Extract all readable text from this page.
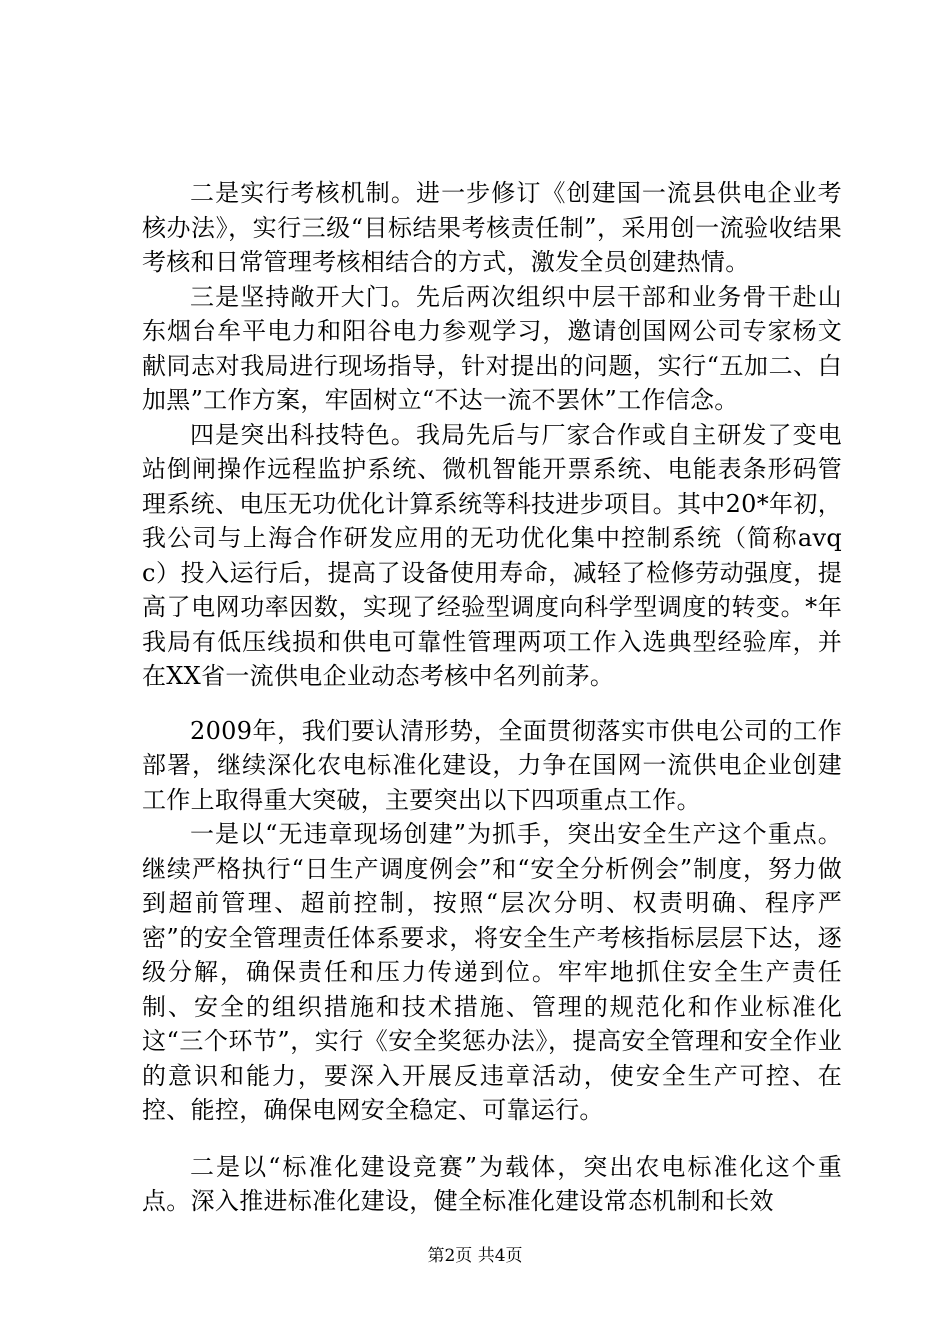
二是实行考核机制。进一步修订《创建国一流县供电企业考核办法》，实行三级“目标结果考核责任制”，采用创一流验收结果考核和日常管理考核相结合的方式，激发全员创建热情。

三是坚持敞开大门。先后两次组织中层干部和业务骨干赴山东烟台牟平电力和阳谷电力参观学习，邀请创国网公司专家杨文献同志对我局进行现场指导，针对提出的问题，实行“五加二、白加黑”工作方案，牢固树立“不达一流不罢休”工作信念。

四是突出科技特色。我局先后与厂家合作或自主研发了变电站倒闸操作远程监护系统、微机智能开票系统、电能表条形码管理系统、电压无功优化计算系统等科技进步项目。其中20*年初，我公司与上海合作研发应用的无功优化集中控制系统（简称avqc）投入运行后，提高了设备使用寿命，减轻了检修劳动强度，提高了电网功率因数，实现了经验型调度向科学型调度的转变。*年我局有低压线损和供电可靠性管理两项工作入选典型经验库，并在XX省一流供电企业动态考核中名列前茅。

2009年，我们要认清形势，全面贯彻落实市供电公司的工作部署，继续深化农电标准化建设，力争在国网一流供电企业创建工作上取得重大突破，主要突出以下四项重点工作。

一是以“无违章现场创建”为抓手，突出安全生产这个重点。继续严格执行“日生产调度例会”和“安全分析例会”制度，努力做到超前管理、超前控制，按照“层次分明、权责明确、程序严密”的安全管理责任体系要求，将安全生产考核指标层层下达，逐级分解，确保责任和压力传递到位。牢牢地抓住安全生产责任制、安全的组织措施和技术措施、管理的规范化和作业标准化这“三个环节”，实行《安全奖惩办法》，提高安全管理和安全作业的意识和能力，要深入开展反违章活动，使安全生产可控、在控、能控，确保电网安全稳定、可靠运行。

二是以“标准化建设竞赛”为载体，突出农电标准化这个重点。深入推进标准化建设，健全标准化建设常态机制和长效

第2页 共4页
